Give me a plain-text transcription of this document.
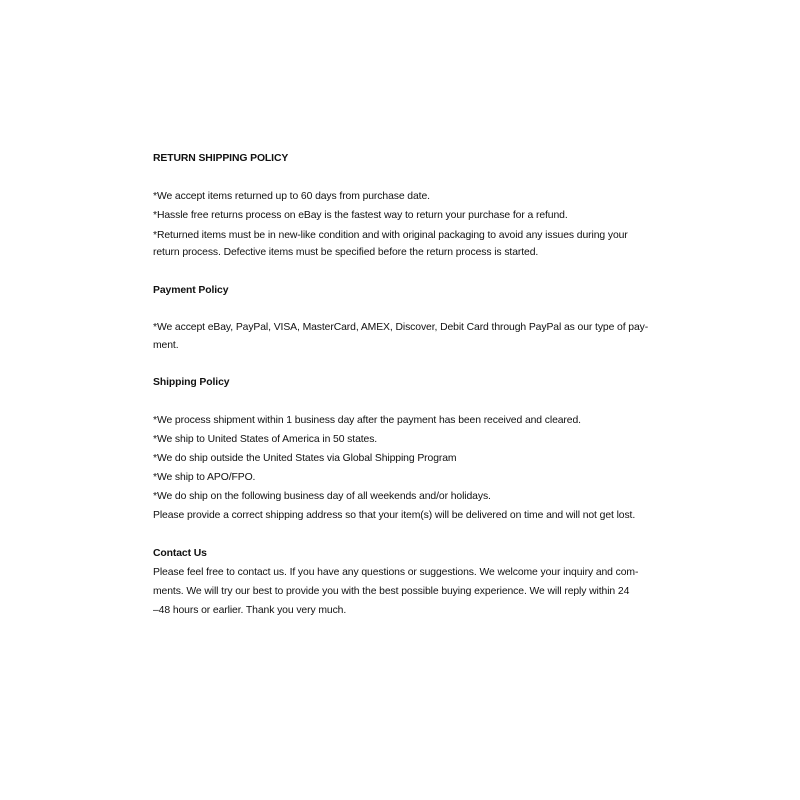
RETURN SHIPPING POLICY
*We accept items returned up to 60 days from purchase date.
*Hassle free returns process on eBay is the fastest way to return your purchase for a refund.
*Returned items must be in new-like condition and with original packaging to avoid any issues during your
return process. Defective items must be specified before the return process is started.
Payment Policy
*We accept eBay, PayPal, VISA, MasterCard, AMEX, Discover, Debit Card through PayPal as our type of pay-
ment.
Shipping Policy
*We process shipment within 1 business day after the payment has been received and cleared.
*We ship to United States of America in 50 states.
*We do ship outside the United States via Global Shipping Program
*We ship to APO/FPO.
*We do ship on the following business day of all weekends and/or holidays.
Please provide a correct shipping address so that your item(s) will be delivered on time and will not get lost.
Contact Us
Please feel free to contact us. If you have any questions or suggestions. We welcome your inquiry and com-
ments. We will try our best to provide you with the best possible buying experience. We will reply within 24
–48 hours or earlier. Thank you very much.
